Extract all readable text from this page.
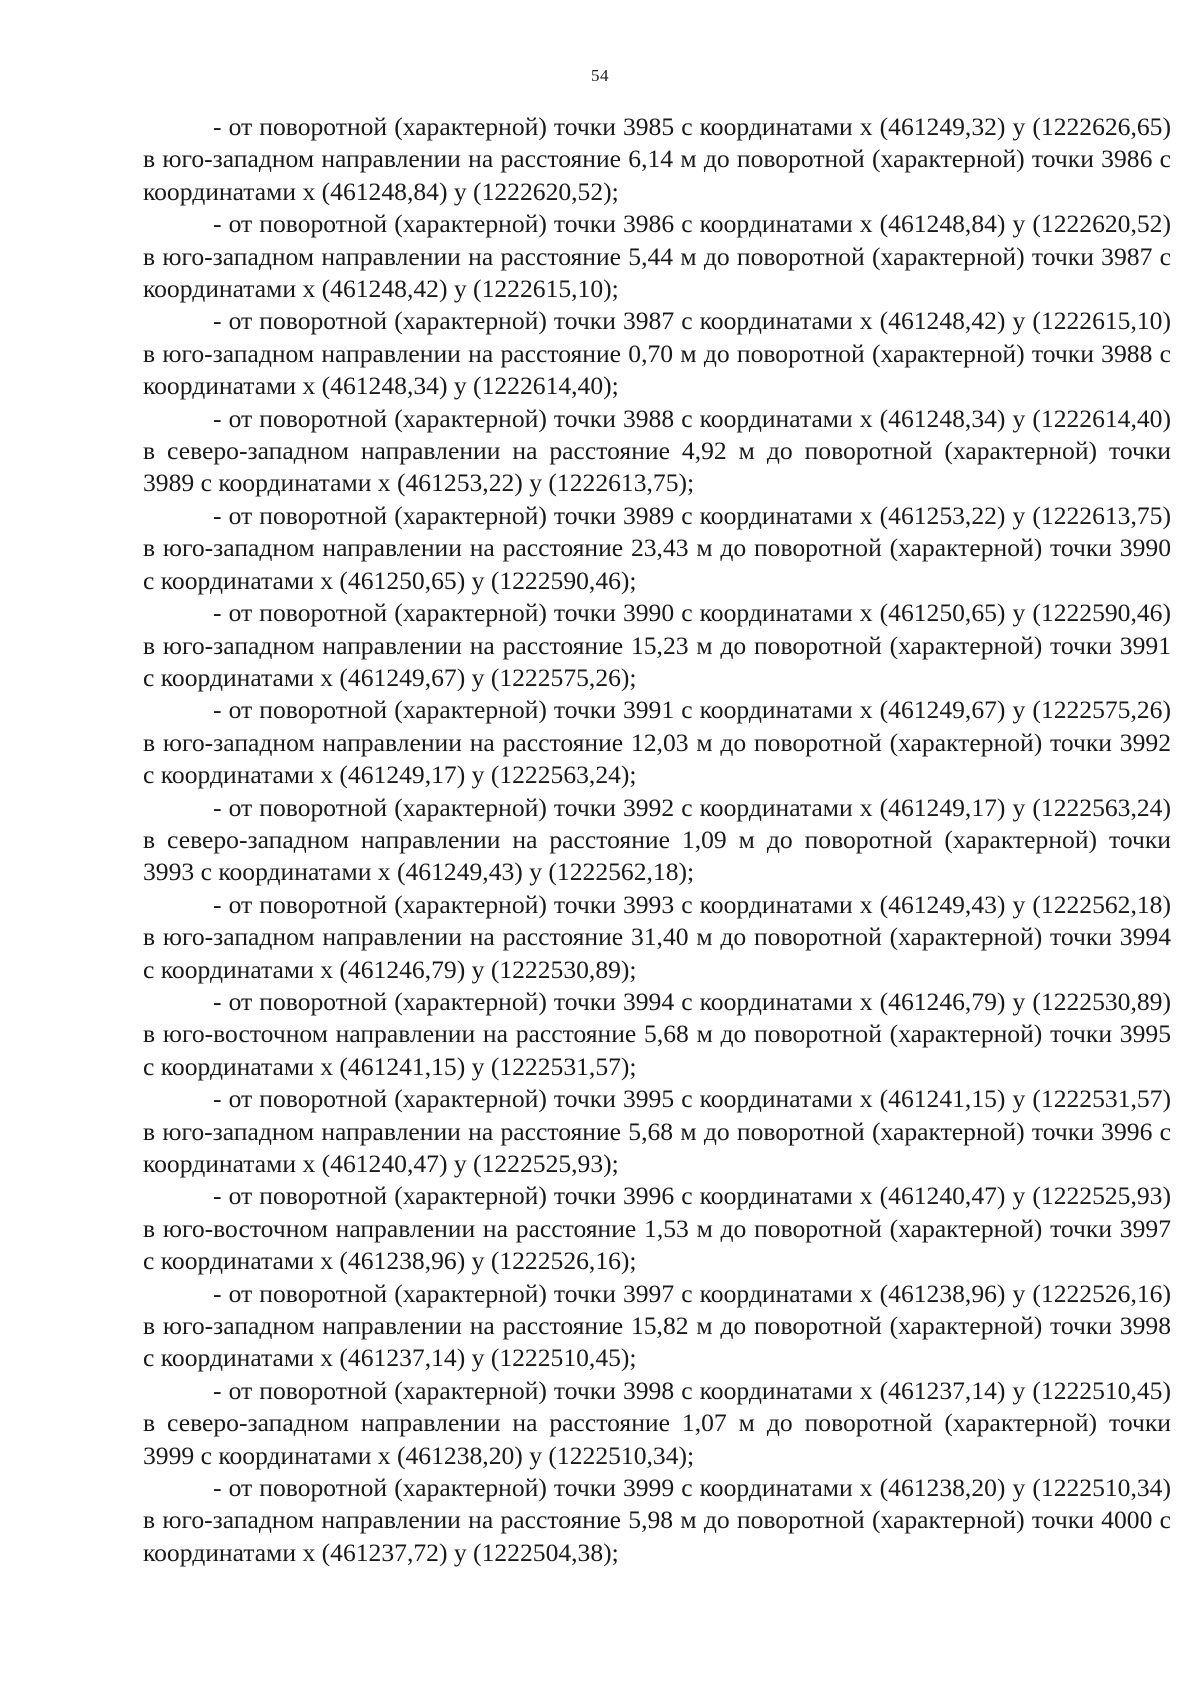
54

- от поворотной (характерной) точки 3985 с координатами x (461249,32) y (1222626,65) в юго-западном направлении на расстояние 6,14 м до поворотной (характерной) точки 3986 с координатами x (461248,84) y (1222620,52);

- от поворотной (характерной) точки 3986 с координатами x (461248,84) y (1222620,52) в юго-западном направлении на расстояние 5,44 м до поворотной (характерной) точки 3987 с координатами x (461248,42) y (1222615,10);

- от поворотной (характерной) точки 3987 с координатами x (461248,42) y (1222615,10) в юго-западном направлении на расстояние 0,70 м до поворотной (характерной) точки 3988 с координатами x (461248,34) y (1222614,40);

- от поворотной (характерной) точки 3988 с координатами x (461248,34) y (1222614,40) в северо-западном направлении на расстояние 4,92 м до поворотной (характерной) точки 3989 с координатами x (461253,22) y (1222613,75);

- от поворотной (характерной) точки 3989 с координатами x (461253,22) y (1222613,75) в юго-западном направлении на расстояние 23,43 м до поворотной (характерной) точки 3990 с координатами x (461250,65) y (1222590,46);

- от поворотной (характерной) точки 3990 с координатами x (461250,65) y (1222590,46) в юго-западном направлении на расстояние 15,23 м до поворотной (характерной) точки 3991 с координатами x (461249,67) y (1222575,26);

- от поворотной (характерной) точки 3991 с координатами x (461249,67) y (1222575,26) в юго-западном направлении на расстояние 12,03 м до поворотной (характерной) точки 3992 с координатами x (461249,17) y (1222563,24);

- от поворотной (характерной) точки 3992 с координатами x (461249,17) y (1222563,24) в северо-западном направлении на расстояние 1,09 м до поворотной (характерной) точки 3993 с координатами x (461249,43) y (1222562,18);

- от поворотной (характерной) точки 3993 с координатами x (461249,43) y (1222562,18) в юго-западном направлении на расстояние 31,40 м до поворотной (характерной) точки 3994 с координатами x (461246,79) y (1222530,89);

- от поворотной (характерной) точки 3994 с координатами x (461246,79) y (1222530,89) в юго-восточном направлении на расстояние 5,68 м до поворотной (характерной) точки 3995 с координатами x (461241,15) y (1222531,57);

- от поворотной (характерной) точки 3995 с координатами x (461241,15) y (1222531,57) в юго-западном направлении на расстояние 5,68 м до поворотной (характерной) точки 3996 с координатами x (461240,47) y (1222525,93);

- от поворотной (характерной) точки 3996 с координатами x (461240,47) y (1222525,93) в юго-восточном направлении на расстояние 1,53 м до поворотной (характерной) точки 3997 с координатами x (461238,96) y (1222526,16);

- от поворотной (характерной) точки 3997 с координатами x (461238,96) y (1222526,16) в юго-западном направлении на расстояние 15,82 м до поворотной (характерной) точки 3998 с координатами x (461237,14) y (1222510,45);

- от поворотной (характерной) точки 3998 с координатами x (461237,14) y (1222510,45) в северо-западном направлении на расстояние 1,07 м до поворотной (характерной) точки 3999 с координатами x (461238,20) y (1222510,34);

- от поворотной (характерной) точки 3999 с координатами x (461238,20) y (1222510,34) в юго-западном направлении на расстояние 5,98 м до поворотной (характерной) точки 4000 с координатами x (461237,72) y (1222504,38);
